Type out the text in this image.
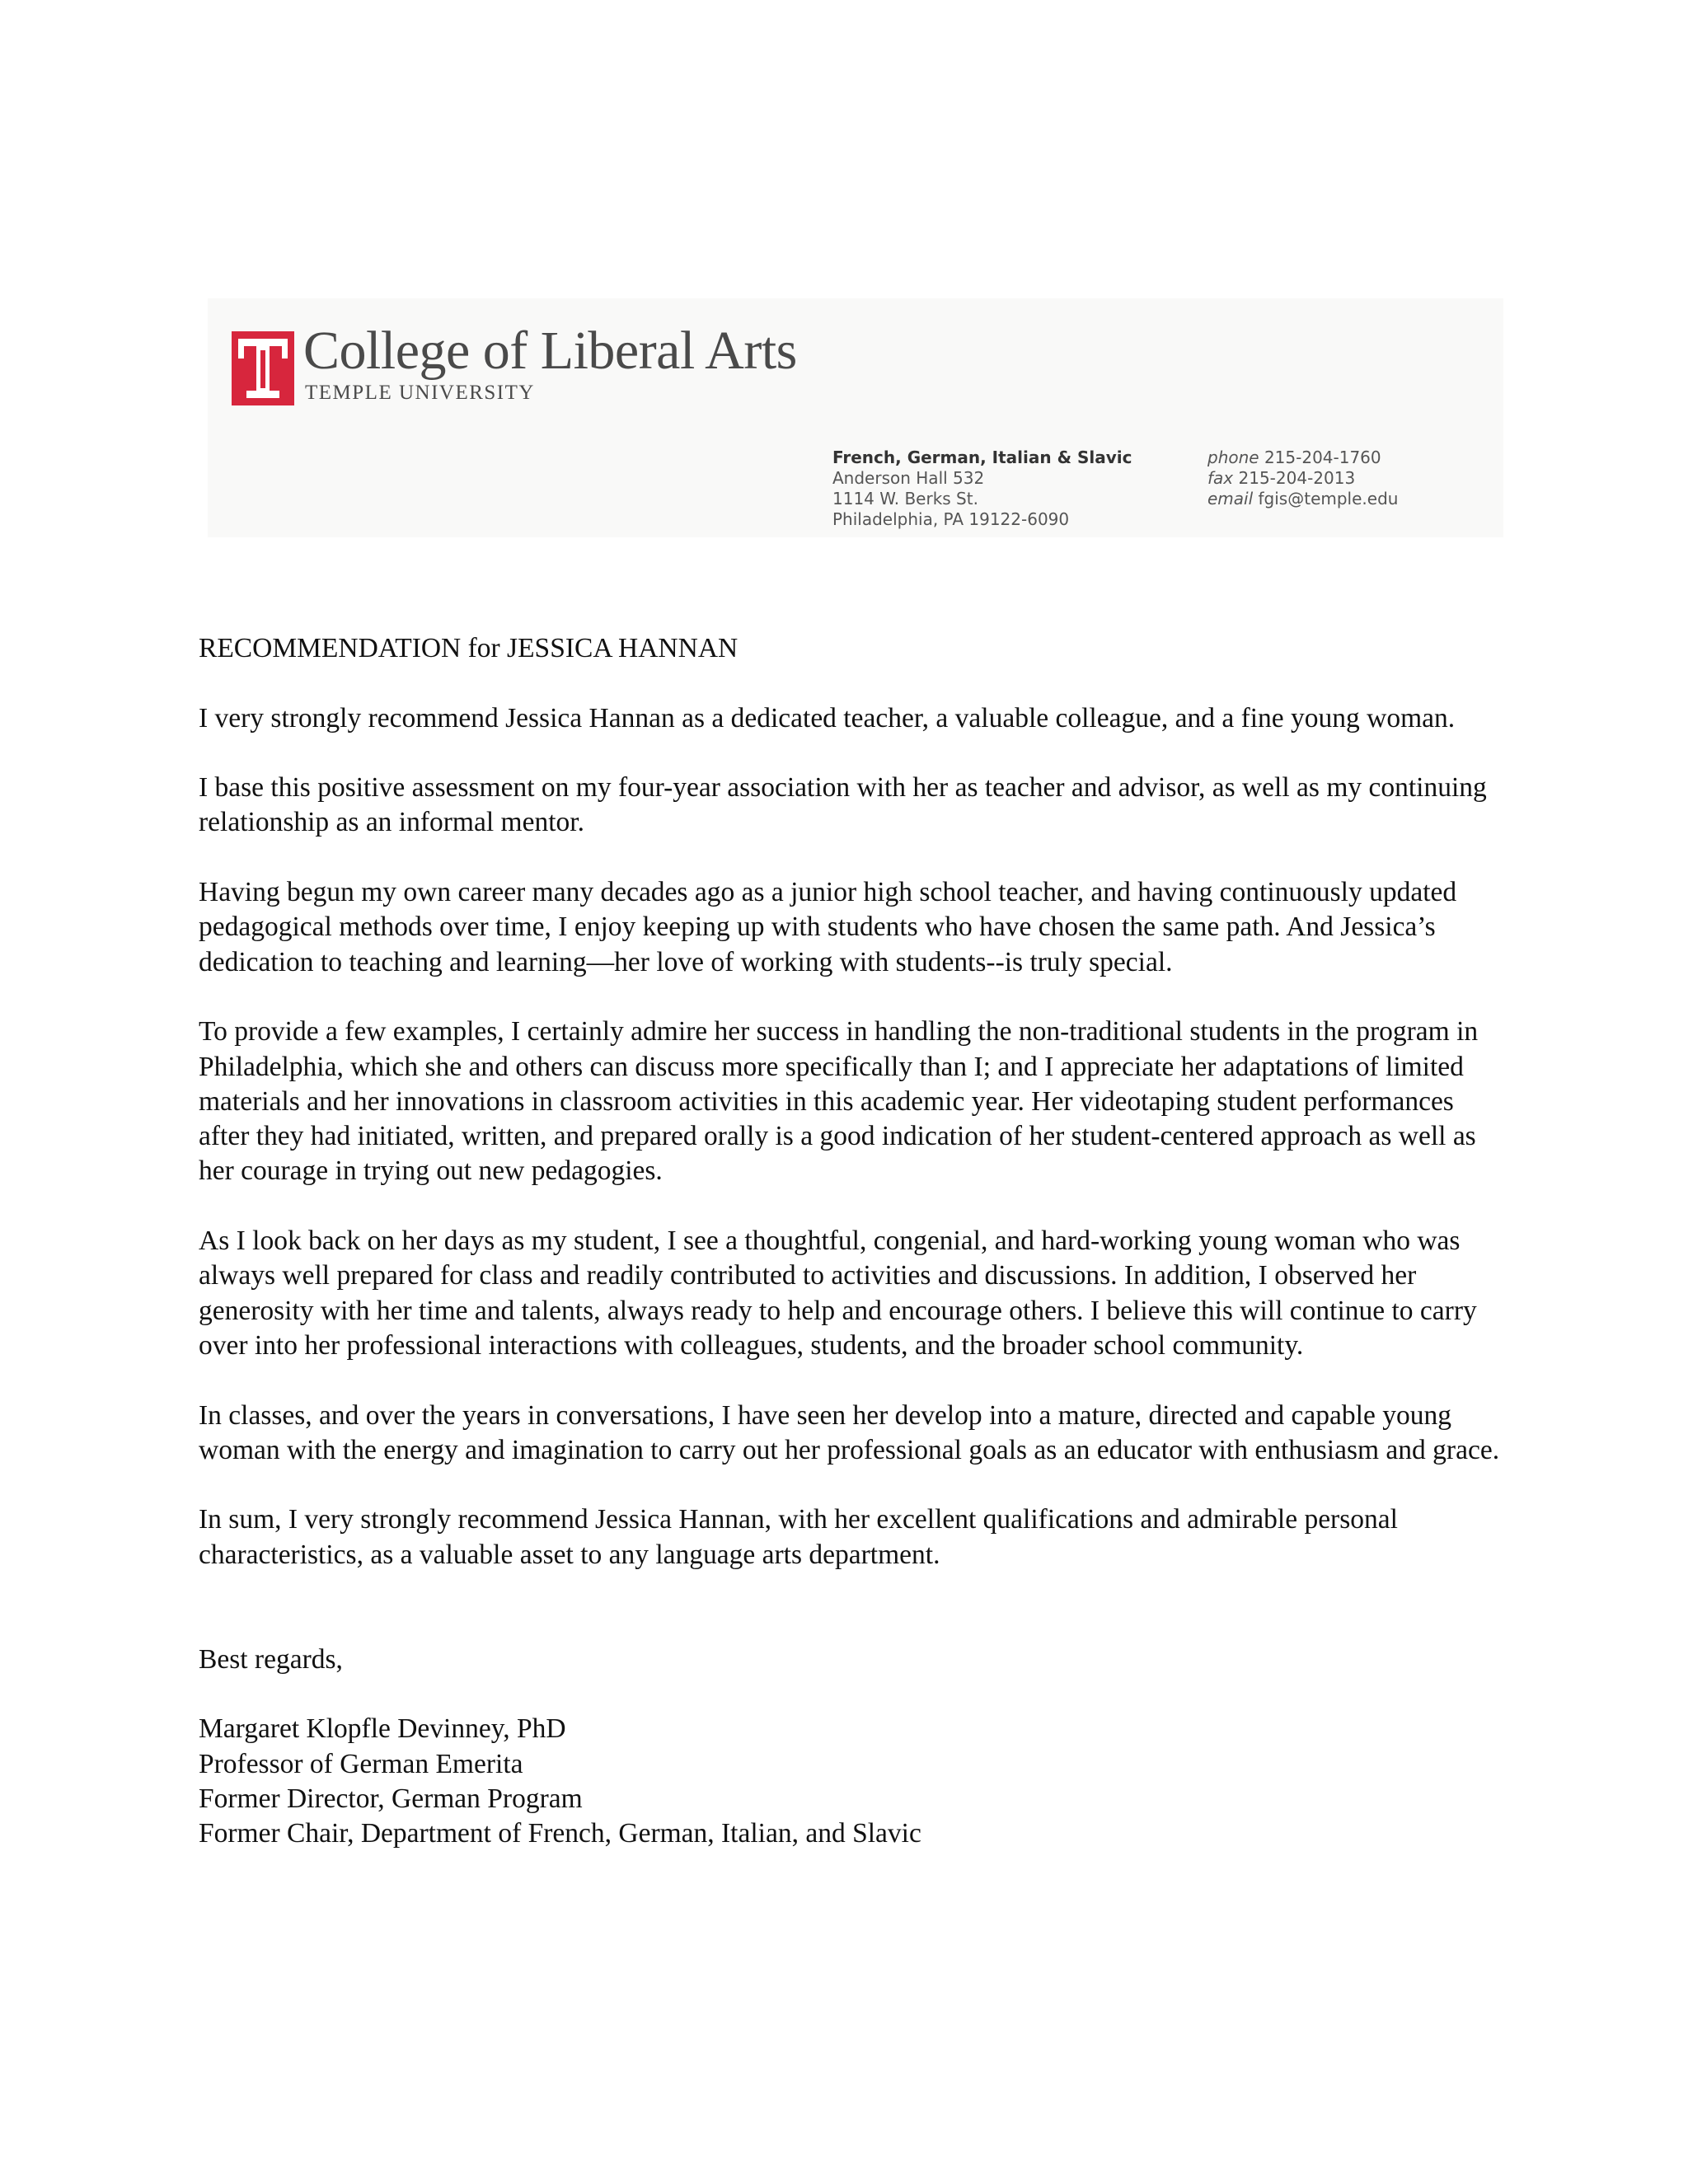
College of Liberal Arts
TEMPLE UNIVERSITY
French, German, Italian & Slavic
Anderson Hall 532
1114 W. Berks St.
Philadelphia, PA 19122-6090
phone 215-204-1760
fax 215-204-2013
email fgis@temple.edu

RECOMMENDATION for JESSICA HANNAN

I very strongly recommend Jessica Hannan as a dedicated teacher, a valuable colleague, and a fine young woman.

I base this positive assessment on my four-year association with her as teacher and advisor, as well as my continuing relationship as an informal mentor.

Having begun my own career many decades ago as a junior high school teacher, and having continuously updated pedagogical methods over time, I enjoy keeping up with students who have chosen the same path. And Jessica’s dedication to teaching and learning—her love of working with students--is truly special.

To provide a few examples, I certainly admire her success in handling the non-traditional students in the program in Philadelphia, which she and others can discuss more specifically than I; and I appreciate her adaptations of limited materials and her innovations in classroom activities in this academic year. Her videotaping student performances after they had initiated, written, and prepared orally is a good indication of her student-centered approach as well as her courage in trying out new pedagogies.

As I look back on her days as my student, I see a thoughtful, congenial, and hard-working young woman who was always well prepared for class and readily contributed to activities and discussions. In addition, I observed her generosity with her time and talents, always ready to help and encourage others. I believe this will continue to carry over into her professional interactions with colleagues, students, and the broader school community.

In classes, and over the years in conversations, I have seen her develop into a mature, directed and capable young woman with the energy and imagination to carry out her professional goals as an educator with enthusiasm and grace.

In sum, I very strongly recommend Jessica Hannan, with her excellent qualifications and admirable personal characteristics, as a valuable asset to any language arts department.

Best regards,

Margaret Klopfle Devinney, PhD

Professor of German Emerita

Former Director, German Program

Former Chair, Department of French, German, Italian, and Slavic
